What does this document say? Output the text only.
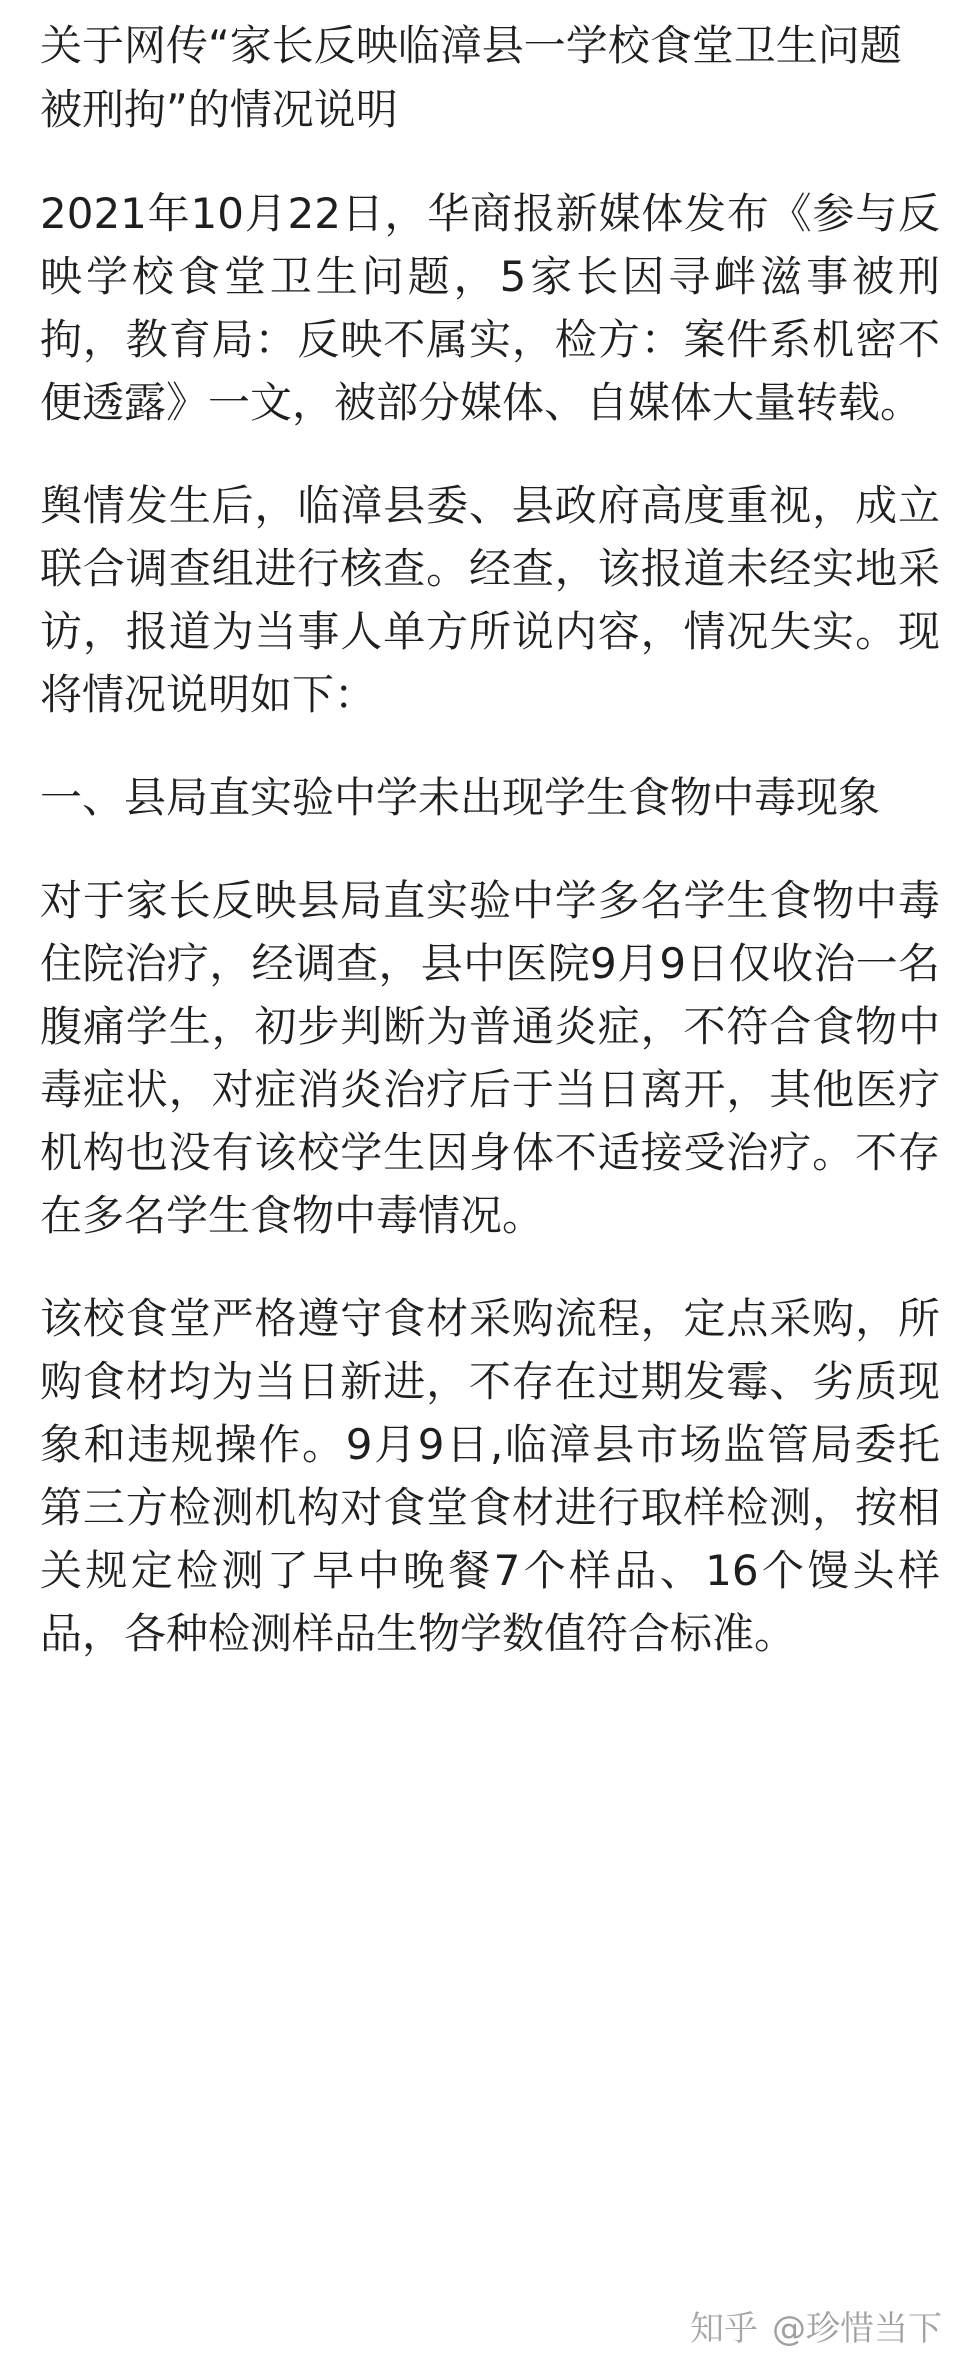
关于网传“家长反映临漳县一学校食堂卫生问题被刑拘”的情况说明

2021年10月22日，华商报新媒体发布《参与反映学校食堂卫生问题，5家长因寻衅滋事被刑拘，教育局：反映不属实，检方：案件系机密不便透露》一文，被部分媒体、自媒体大量转载。

舆情发生后，临漳县委、县政府高度重视，成立联合调查组进行核查。经查，该报道未经实地采访，报道为当事人单方所说内容，情况失实。现将情况说明如下：

一、县局直实验中学未出现学生食物中毒现象

对于家长反映县局直实验中学多名学生食物中毒住院治疗，经调查，县中医院9月9日仅收治一名腹痛学生，初步判断为普通炎症，不符合食物中毒症状，对症消炎治疗后于当日离开，其他医疗机构也没有该校学生因身体不适接受治疗。不存在多名学生食物中毒情况。

该校食堂严格遵守食材采购流程，定点采购，所购食材均为当日新进，不存在过期发霉、劣质现象和违规操作。9月9日,临漳县市场监管局委托第三方检测机构对食堂食材进行取样检测，按相关规定检测了早中晚餐7个样品、16个馒头样品，各种检测样品生物学数值符合标准。

知乎 @珍惜当下
